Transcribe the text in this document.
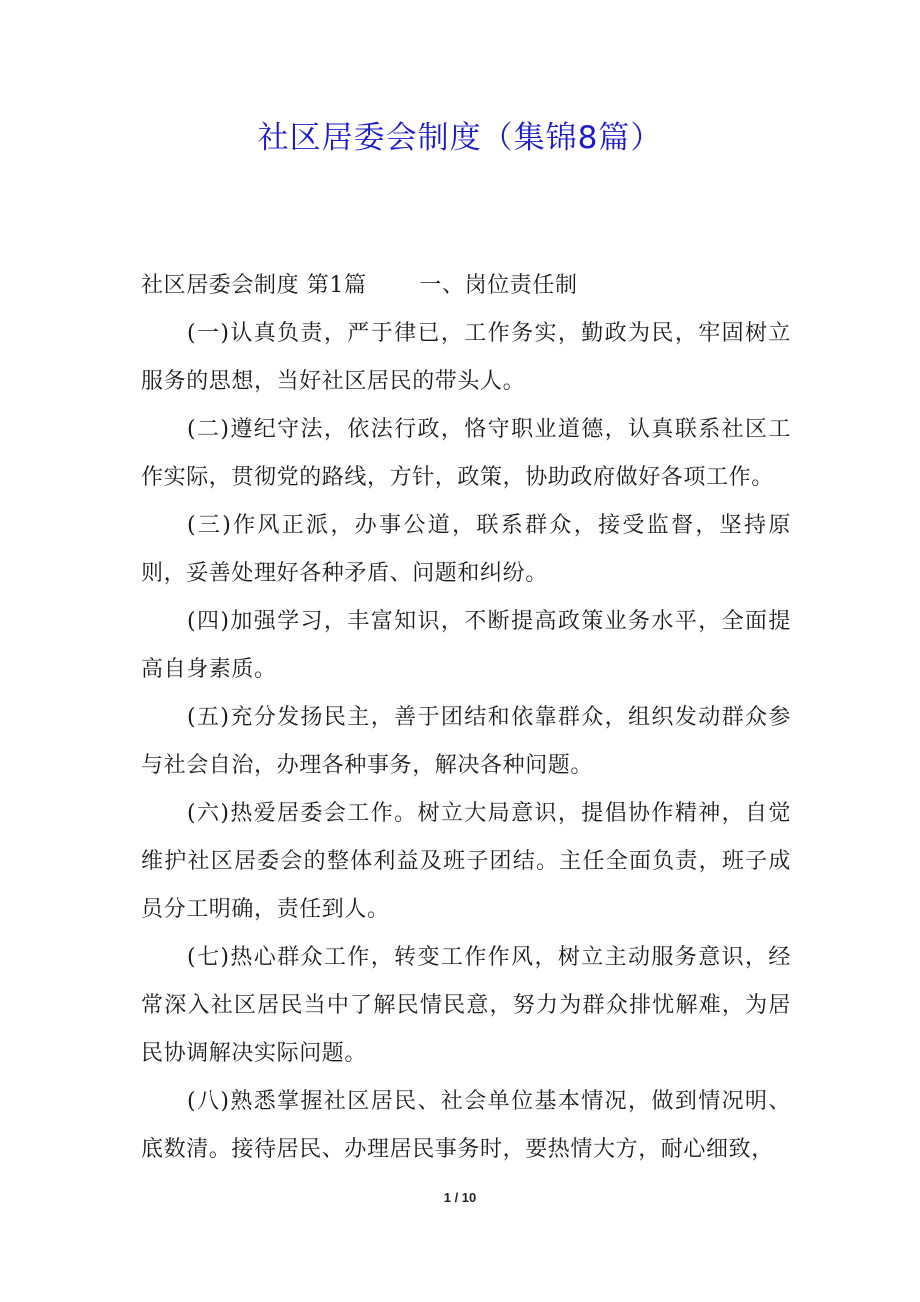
社区居委会制度（集锦8篇）

社区居委会制度 第1篇　　 一、岗位责任制

(一)认真负责，严于律已，工作务实，勤政为民，牢固树立服务的思想，当好社区居民的带头人。

(二)遵纪守法，依法行政，恪守职业道德，认真联系社区工作实际，贯彻党的路线，方针，政策，协助政府做好各项工作。

(三)作风正派，办事公道，联系群众，接受监督，坚持原则，妥善处理好各种矛盾、问题和纠纷。

(四)加强学习，丰富知识，不断提高政策业务水平，全面提高自身素质。

(五)充分发扬民主，善于团结和依靠群众，组织发动群众参与社会自治，办理各种事务，解决各种问题。

(六)热爱居委会工作。树立大局意识，提倡协作精神，自觉维护社区居委会的整体利益及班子团结。主任全面负责，班子成员分工明确，责任到人。

(七)热心群众工作，转变工作作风，树立主动服务意识，经常深入社区居民当中了解民情民意，努力为群众排忧解难，为居民协调解决实际问题。

(八)熟悉掌握社区居民、社会单位基本情况，做到情况明、底数清。接待居民、办理居民事务时，要热情大方，耐心细致，

1 / 10
